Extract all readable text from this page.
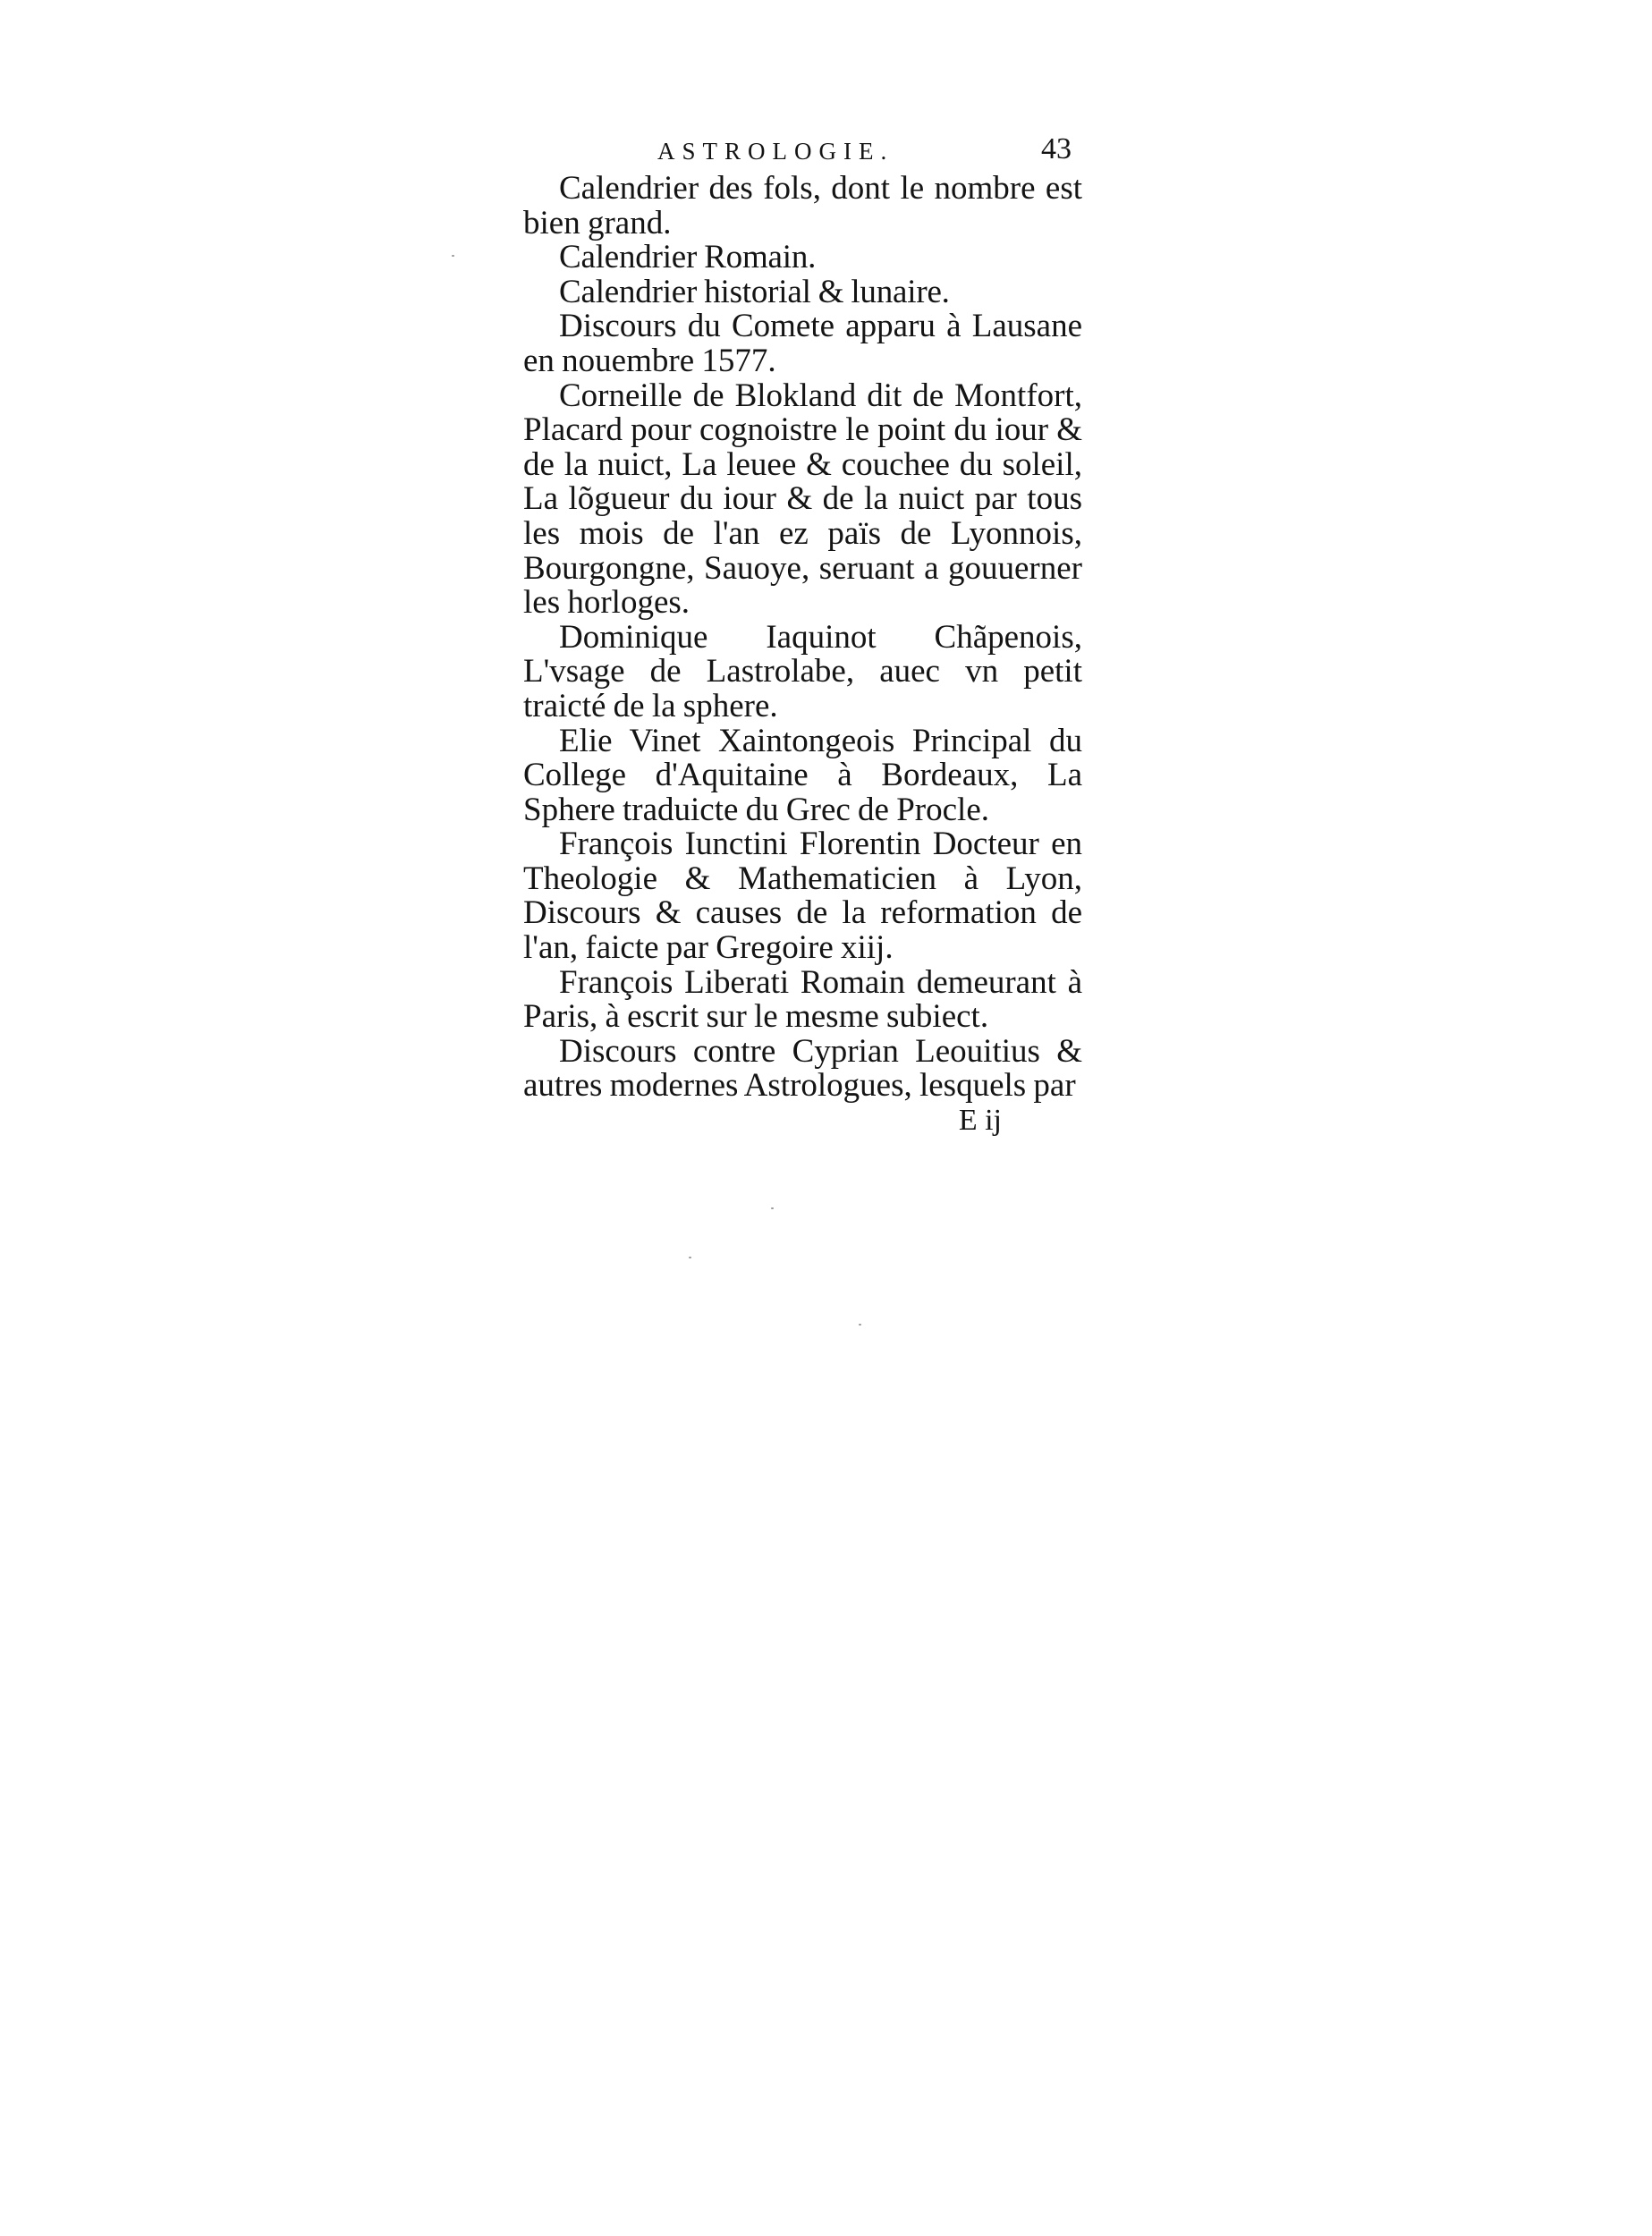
ASTROLOGIE.	43

Calendrier des fols, dont le nombre est bien grand.

Calendrier Romain.

Calendrier historial & lunaire.

Discours du Comete apparu à Lausane en nouembre 1577.

Corneille de Blokland dit de Montfort, Placard pour cognoistre le point du iour & de la nuict, La leuee & couchee du soleil, La lõgueur du iour & de la nuict par tous les mois de l'an ez païs de Lyonnois, Bourgongne, Sauoye, seruant a gouuerner les horloges.

Dominique Iaquinot Chãpenois, L'vsage de Lastrolabe, auec vn petit traicté de la sphere.

Elie Vinet Xaintongeois Principal du College d'Aquitaine à Bordeaux, La Sphere traduicte du Grec de Procle.

François Iunctini Florentin Docteur en Theologie & Mathematicien à Lyon, Discours & causes de la reformation de l'an, faicte par Gregoire xiij.

François Liberati Romain demeurant à Paris, à escrit sur le mesme subiect.

Discours contre Cyprian Leouitius & autres modernes Astrologues, lesquels par

E ij
